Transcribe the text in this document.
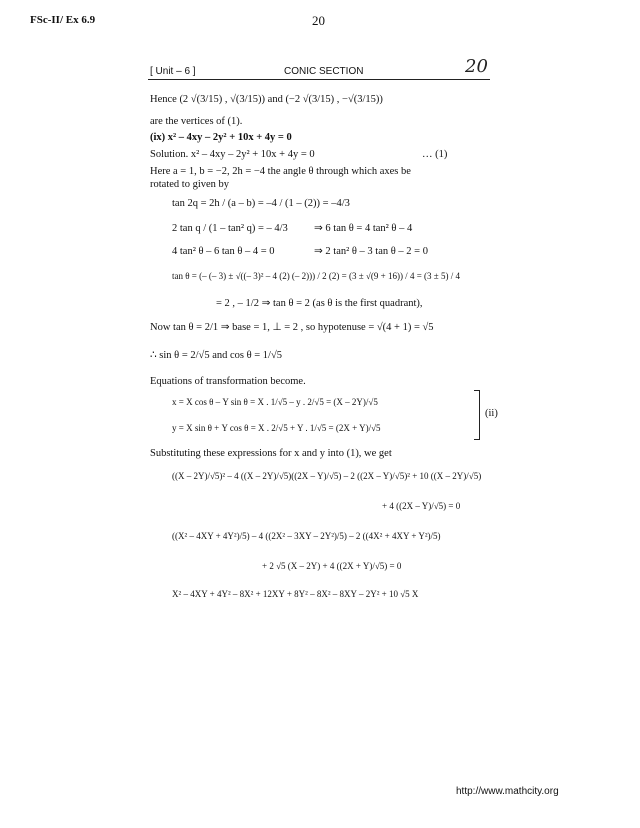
FSc-II/ Ex 6.9	20
[ Unit – 6 ]	CONIC SECTION	20
Hence (2 √(3/15) , √(3/15)) and (−2 √(3/15) , −√(3/15))
are the vertices of (1).
(ix) x² – 4xy – 2y² + 10x + 4y = 0
Solution. x² – 4xy – 2y² + 10x + 4y = 0	… (1)
Here a = 1, b = −2, 2h = −4 the angle θ through which axes be
rotated to given by
tan 2q = 2h / (a – b) = –4 / (1 – (2)) = –4/3
2 tan q / (1 – tan² q) = – 4/3 ⇒ 6 tan θ = 4 tan² θ – 4
4 tan² θ – 6 tan θ – 4 = 0	⇒ 2 tan² θ – 3 tan θ – 2 = 0
tan θ = (– (– 3) ± √((– 3)² – 4 (2) (– 2))) / 2 (2) = (3 ± √(9 + 16)) / 4 = (3 ± 5) / 4
= 2 , – 1/2 ⇒ tan θ = 2 (as θ is the first quadrant),
Now tan θ = 2/1 ⇒ base = 1, ⊥ = 2 , so hypotenuse = √(4 + 1) = √5
∴ sin θ = 2/√5 and cos θ = 1/√5
Equations of transformation become.
x = X cos θ – Y sin θ = X . 1/√5 – y . 2/√5 = (X – 2Y)/√5
y = X sin θ + Y cos θ = X . 2/√5 + Y . 1/√5 = (2X + Y)/√5
(ii)
Substituting these expressions for x and y into (1), we get
((X – 2Y)/√5)² – 4 ((X – 2Y)/√5)((2X – Y)/√5) – 2 ((2X – Y)/√5)² + 10 ((X – 2Y)/√5)
+ 4 ((2X – Y)/√5) = 0
((X² – 4XY + 4Y²)/5) – 4 ((2X² – 3XY – 2Y²)/5) – 2 ((4X² + 4XY + Y²)/5)
+ 2 √5 (X – 2Y) + 4 ((2X + Y)/√5) = 0
X² – 4XY + 4Y² – 8X² + 12XY + 8Y² – 8X² – 8XY – 2Y² + 10 √5 X
http://www.mathcity.org
